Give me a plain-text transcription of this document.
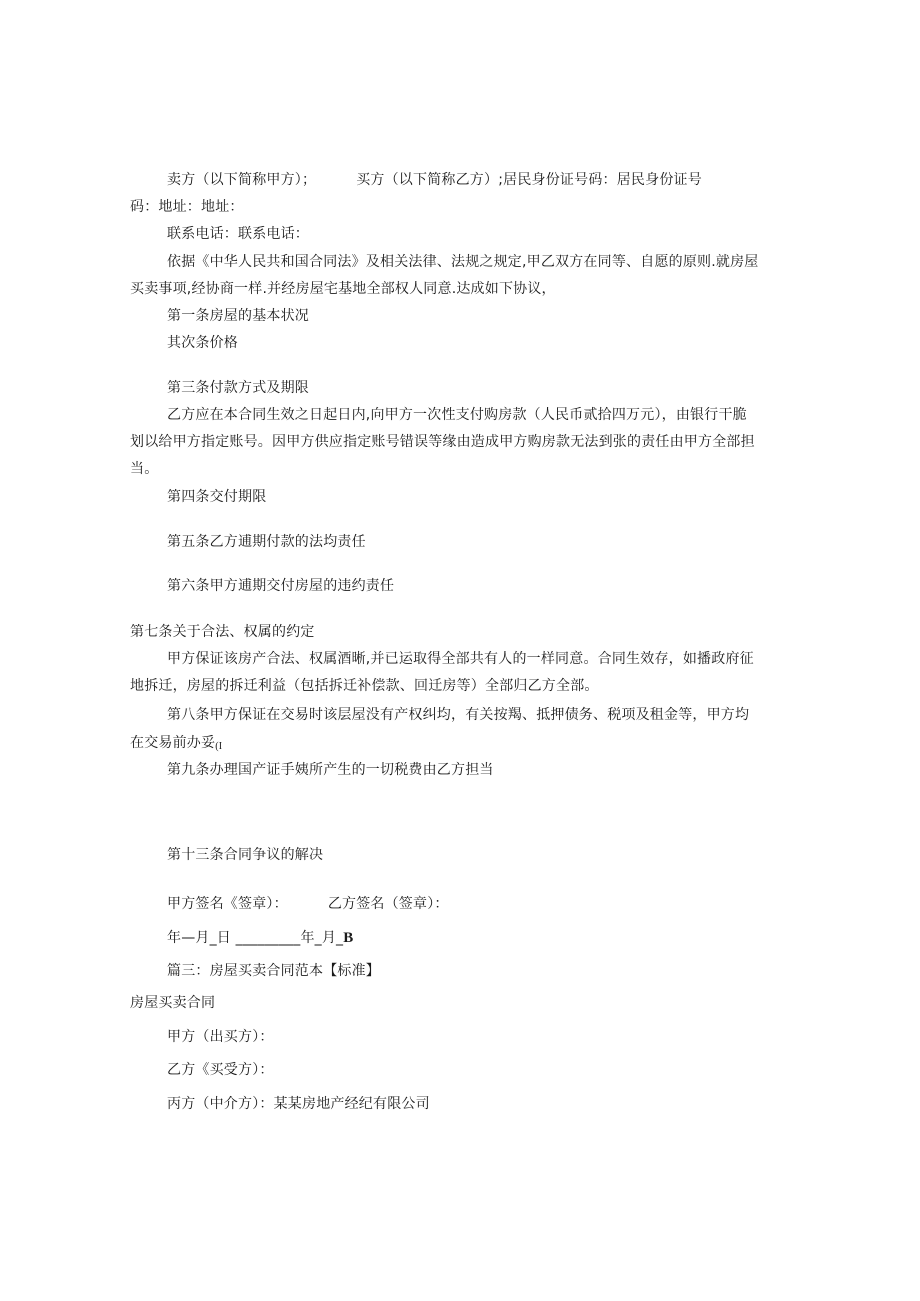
卖方（以下简称甲方）；	买方（以下简称乙方）;居民身份证号码：居民身份证号
码：地址：地址：
联系电话：联系电话：
依据《中华人民共和国合同法》及相关法律、法规之规定,甲乙双方在同等、自愿的原则.就房屋
买卖事项,经协商一样.并经房屋宅基地全部权人同意.达成如下协议，
第一条房屋的基本状况
其次条价格
第三条付款方式及期限
乙方应在本合同生效之日起日内,向甲方一次性支付购房款（人民币贰拾四万元），由银行干脆
划以给甲方指定账号。因甲方供应指定账号错误等缘由造成甲方购房款无法到张的责任由甲方全部担
当。
第四条交付期限
第五条乙方逋期付款的法均责任
第六条甲方逋期交付房屋的违约责任
第七条关于合法、权属的约定
甲方保证该房产合法、权属酒晰,并已运取得全部共有人的一样同意。合同生效存，如播政府征
地拆迁，房屋的拆迁利益（包括拆迁补偿款、回迁房等）全部归乙方全部。
第八条甲方保证在交易时该层屋没有产权纠均，有关按羯、抵押债务、税项及租金等，甲方均
在交易前办妥(I
第九条办理国产证手姨所产生的一切税费由乙方担当
第十三条合同争议的解决
甲方签名《签章）：	乙方签名（签章）：
年—月_日 _________年_月_B
篇三：房屋买卖合同范本【标准】
房屋买卖合同
甲方（出买方）：
乙方《买受方）：
丙方（中介方）：某某房地产经纪有限公司
